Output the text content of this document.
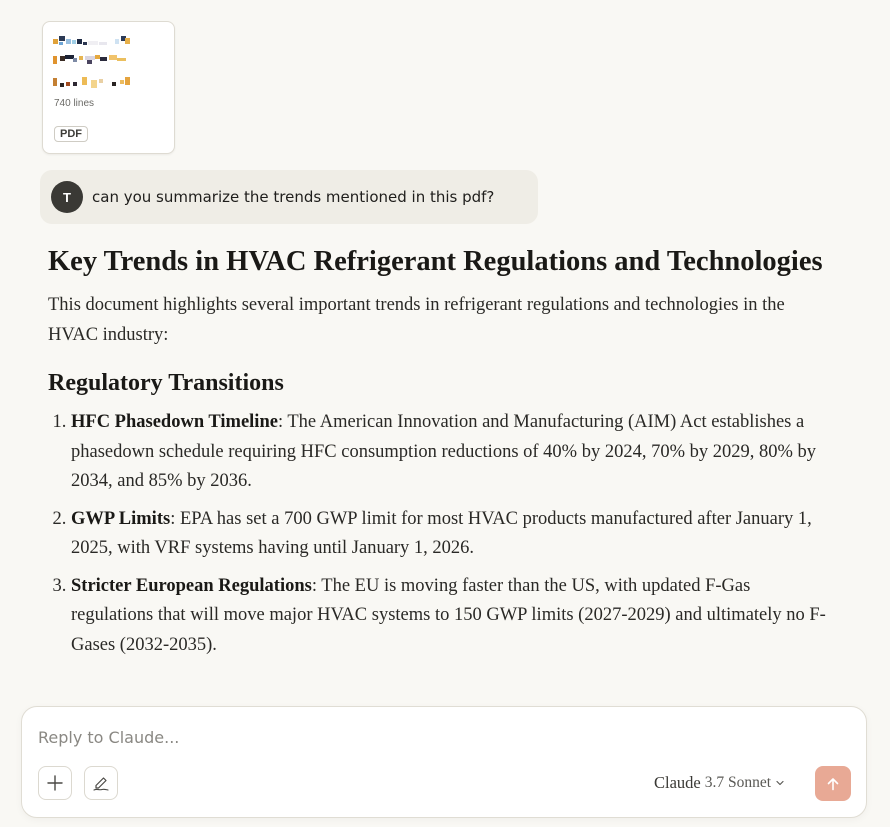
740 lines
PDF
T	can you summarize the trends mentioned in this pdf?
Key Trends in HVAC Refrigerant Regulations and Technologies

This document highlights several important trends in refrigerant regulations and technologies in the HVAC industry:

Regulatory Transitions
1. HFC Phasedown Timeline: The American Innovation and Manufacturing (AIM) Act establishes a phasedown schedule requiring HFC consumption reductions of 40% by 2024, 70% by 2029, 80% by 2034, and 85% by 2036.
2. GWP Limits: EPA has set a 700 GWP limit for most HVAC products manufactured after January 1, 2025, with VRF systems having until January 1, 2026.
3. Stricter European Regulations: The EU is moving faster than the US, with updated F-Gas regulations that will move major HVAC systems to 150 GWP limits (2027-2029) and ultimately no F-Gases (2032-2035).
Reply to Claude...
Claude 3.7 Sonnet
